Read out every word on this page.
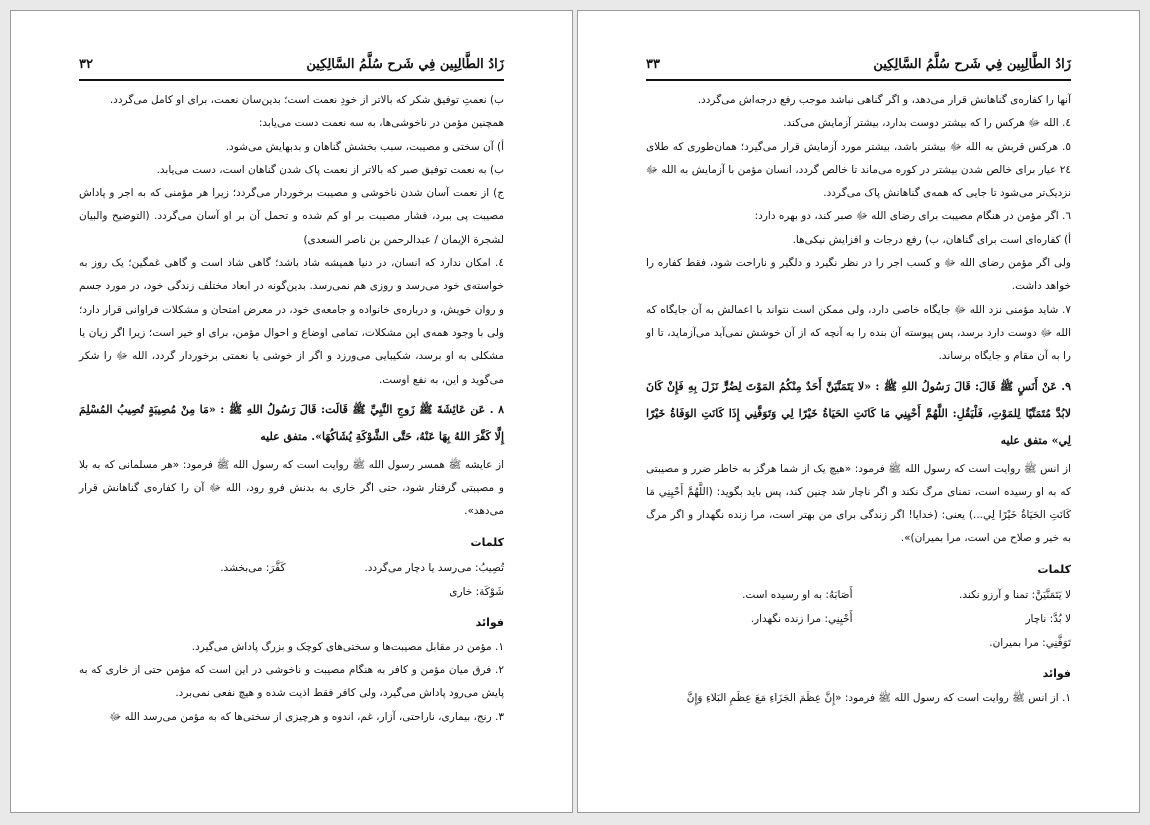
زَادُ الطَّالِبِين فِي شَرح سُلَّمُ السَّالِكِين
۳۲

ب) نعمتِ توفیق شکر که بالاتر از خودِ نعمت است؛ بدین‌سان نعمت، برای او کامل می‌گردد.

همچنین مؤمن در ناخوشی‌ها، به سه نعمت دست می‌یابد:

أ) آن سختی و مصیبت، سبب بخشش گناهان و بدبهایش می‌شود.

ب) به نعمت توفیق صبر که بالاتر از نعمت پاک شدن گناهان است، دست می‌یابد.

ج) از نعمت آسان شدن ناخوشی و مصیبت برخوردار می‌گردد؛ زیرا هر مؤمنی که به اجر و پاداش مصیبت پی ببرد، فشار مصیبت بر او کم شده و تحمل آن بر او آسان می‌گردد. (التوضیح والبیان لشجرة الإیمان / عبدالرحمن بن ناصر السعدی)

٤. امکان ندارد که انسان، در دنیا همیشه شاد باشد؛ گاهی شاد است و گاهی غمگین؛ یک روز به خواسته‌ی خود می‌رسد و روزی هم نمی‌رسد. بدین‌گونه در ابعاد مختلف زندگی خود، در مورد جسم و روان خویش، و درباره‌ی خانواده و جامعه‌ی خود، در معرض امتحان و مشکلات فراوانی قرار دارد؛ ولی با وجود همه‌ی این مشکلات، تمامی اوضاع و احوال مؤمن، برای او خیر است؛ زیرا اگر زیان یا مشکلی به او برسد، شکیبایی می‌ورزد و اگر از خوشی یا نعمتی برخوردار گردد، الله ﷻ را شکر می‌گوید و این، به نفع اوست.

٨ . عَن عَائِشَةَ ﷺ زَوجِ النَّبِيِّ ﷺ قَالَت: قَالَ رَسُولُ اللهِ ﷺ : «مَا مِنْ مُصِيبَةٍ تُصِيبُ المُسْلِمَ إِلَّا كَفَّرَ اللهُ بِهَا عَنْهُ، حَتَّى الشَّوْكَةِ يُشَاكُهَا». متفق علیه

از عایشه ﷺ همسر رسول الله ﷺ روایت است که رسول الله ﷺ فرمود: «هر مسلمانی که به بلا و مصیبتی گرفتار شود، حتی اگر خاری به بدنش فرو رود، الله ﷻ آن را کفاره‌ی گناهانش قرار می‌دهد».

کلمات
تُصِيبُ: می‌رسد یا دچار می‌گردد.
كَفَّرَ: می‌بخشد.
شَوْكَة: خاری
فوائد

١. مؤمن در مقابل مصیبت‌ها و سختی‌های کوچک و بزرگ پاداش می‌گیرد.

٢. فرق میان مؤمن و کافر به هنگام مصیبت و ناخوشی در این است که مؤمن حتی از خاری که به پایش می‌رود پاداش می‌گیرد، ولی کافر فقط اذیت شده و هیچ نفعی نمی‌برد.

٣. رنج، بیماری، ناراحتی، آزار، غم، اندوه و هرچیزی از سختی‌ها که به مؤمن می‌رسد الله ﷻ

زَادُ الطَّالِبِين فِي شَرح سُلَّمُ السَّالِكِين
۳۳

آنها را کفاره‌ی گناهانش قرار می‌دهد، و اگر گناهی نباشد موجب رفع درجه‌اش می‌گردد.

٤. الله ﷻ هرکس را که بیشتر دوست بدارد، بیشتر آزمایش می‌کند.

٥. هرکس قربش به الله ﷻ بیشتر باشد، بیشتر مورد آزمایش قرار می‌گیرد؛ همان‌طوری که طلای ٢٤ عیار برای خالص شدن بیشتر در کوره می‌ماند تا خالص گردد، انسان مؤمن با آزمایش به الله ﷻ نزدیک‌تر می‌شود تا جایی که همه‌ی گناهانش پاک می‌گردد.

٦. اگر مؤمن در هنگام مصیبت برای رضای الله ﷻ صبر کند، دو بهره دارد:

أ) کفاره‌ای است برای گناهان، ب) رفع درجات و افزایش نیکی‌ها.

ولی اگر مؤمن رضای الله ﷻ و کسب اجر را در نظر نگیرد و دلگیر و ناراحت شود، فقط کفاره را خواهد داشت.

٧. شاید مؤمنی نزد الله ﷻ جایگاه خاصی دارد، ولی ممکن است نتواند با اعمالش به آن جایگاه که الله ﷻ دوست دارد برسد، پس پیوسته آن بنده را به آنچه که از آن خوشش نمی‌آید می‌آزماید، تا او را به آن مقام و جایگاه برساند.

٩. عَنْ أَنَسٍ ﷺ قَالَ: قَالَ رَسُولُ اللهِ ﷺ : «لا يَتَمَنَّيَنَّ أَحَدٌ مِنْكُمُ المَوْتَ لِضُرٍّ نَزَلَ بِهِ فَإِنْ كَانَ لابُدَّ مُتَمَنِّيًا لِلمَوْتِ، فَلْيَقُلِ: اللَّهُمَّ أَحْيِنِي مَا كَانَتِ الحَيَاةُ خَيْرًا لِي وَتَوَفَّنِي إِذَا كَانَتِ الوَفَاةُ خَيْرًا لِي» متفق علیه

از انس ﷺ روایت است که رسول الله ﷺ فرمود: «هیچ یک از شما هرگز به خاطر ضرر و مصیبتی که به او رسیده است، تمنای مرگ نکند و اگر ناچار شد چنین کند، پس باید بگوید: (اللَّهُمَّ أَحْيِنِي مَا كَانَتِ الحَيَاةُ خَيْرًا لِي...) یعنی: (خدایا! اگر زندگی برای من بهتر است، مرا زنده نگهدار و اگر مرگ به خیر و صلاح من است، مرا بمیران)».

کلمات
لا يَتَمَنَّيَنَّ: تمنا و آرزو نکند.
أَصَابَهُ: به او رسیده است.
لا بُدَّ: ناچار
أَحْيِنِي: مرا زنده نگهدار.
تَوَفَّنِي: مرا بمیران.
فوائد

١. از انس ﷺ روایت است که رسول الله ﷺ فرمود: «إِنَّ عِظَمَ الجَزَاءِ مَعَ عِظَمِ البَلاءِ وَإِنَّ
